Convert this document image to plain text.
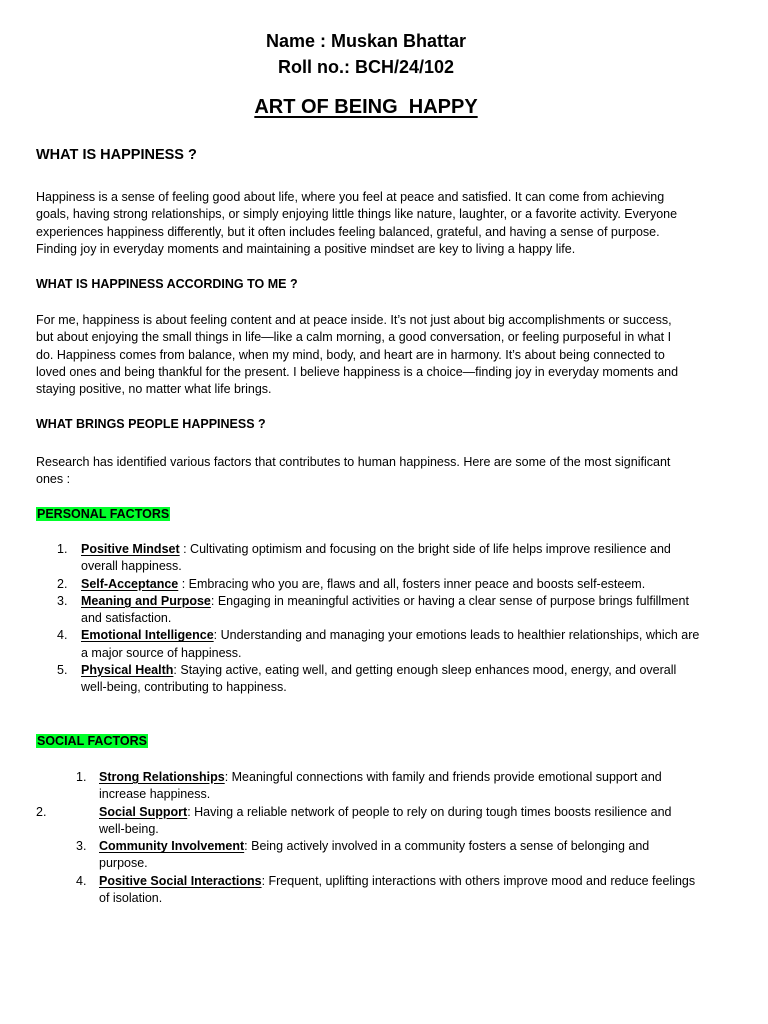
Name : Muskan Bhattar
Roll no.: BCH/24/102
ART OF BEING  HAPPY
WHAT IS HAPPINESS ?

Happiness is a sense of feeling good about life, where you feel at peace and satisfied. It can come from achieving goals, having strong relationships, or simply enjoying little things like nature, laughter, or a favorite activity. Everyone experiences happiness differently, but it often includes feeling balanced, grateful, and having a sense of purpose. Finding joy in everyday moments and maintaining a positive mindset are key to living a happy life.

WHAT IS HAPPINESS ACCORDING TO ME ?

For me, happiness is about feeling content and at peace inside. It’s not just about big accomplishments or success, but about enjoying the small things in life—like a calm morning, a good conversation, or feeling purposeful in what I do. Happiness comes from balance, when my mind, body, and heart are in harmony. It’s about being connected to loved ones and being thankful for the present. I believe happiness is a choice—finding joy in everyday moments and staying positive, no matter what life brings.

WHAT BRINGS PEOPLE HAPPINESS ?

Research has identified various factors that contributes to human happiness. Here are some of the most significant ones :

PERSONAL FACTORS
1. Positive Mindset : Cultivating optimism and focusing on the bright side of life helps improve resilience and overall happiness.
2. Self-Acceptance : Embracing who you are, flaws and all, fosters inner peace and boosts self-esteem.
3. Meaning and Purpose: Engaging in meaningful activities or having a clear sense of purpose brings fulfillment and satisfaction.
4. Emotional Intelligence: Understanding and managing your emotions leads to healthier relationships, which are a major source of happiness.
5. Physical Health: Staying active, eating well, and getting enough sleep enhances mood, energy, and overall well-being, contributing to happiness.
SOCIAL FACTORS
1. Strong Relationships: Meaningful connections with family and friends provide emotional support and increase happiness.
2.	Social Support: Having a reliable network of people to rely on during tough times boosts resilience and well-being.
3. Community Involvement: Being actively involved in a community fosters a sense of belonging and purpose.
4. Positive Social Interactions: Frequent, uplifting interactions with others improve mood and reduce feelings of isolation.
